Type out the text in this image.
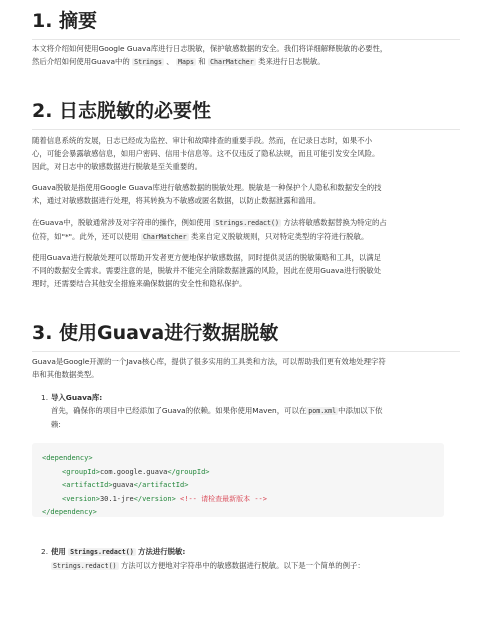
1. 摘要

本文将介绍如何使用Google Guava库进行日志脱敏，保护敏感数据的安全。我们将详细解释脱敏的必要性，
然后介绍如何使用Guava中的 Strings 、 Maps 和 CharMatcher 类来进行日志脱敏。

2. 日志脱敏的必要性

随着信息系统的发展，日志已经成为监控、审计和故障排查的重要手段。然而，在记录日志时，如果不小
心，可能会暴露敏感信息，如用户密码、信用卡信息等。这不仅违反了隐私法规，而且可能引发安全风险。
因此，对日志中的敏感数据进行脱敏是至关重要的。

Guava脱敏是指使用Google Guava库进行敏感数据的脱敏处理。脱敏是一种保护个人隐私和数据安全的技
术，通过对敏感数据进行处理，将其转换为不敏感或匿名数据，以防止数据泄露和滥用。

在Guava中，脱敏通常涉及对字符串的操作，例如使用 Strings.redact() 方法将敏感数据替换为特定的占
位符，如"*"。此外，还可以使用 CharMatcher 类来自定义脱敏规则，只对特定类型的字符进行脱敏。

使用Guava进行脱敏处理可以帮助开发者更方便地保护敏感数据，同时提供灵活的脱敏策略和工具，以满足
不同的数据安全需求。需要注意的是，脱敏并不能完全消除数据泄露的风险，因此在使用Guava进行脱敏处
理时，还需要结合其他安全措施来确保数据的安全性和隐私保护。

3. 使用Guava进行数据脱敏

Guava是Google开源的一个Java核心库，提供了很多实用的工具类和方法，可以帮助我们更有效地处理字符
串和其他数据类型。

1. 导入Guava库:
首先，确保你的项目中已经添加了Guava的依赖。如果你使用Maven，可以在 pom.xml 中添加以下依
赖:
<dependency>
<groupId>com.google.guava</groupId>
<artifactId>guava</artifactId>
<version>30.1-jre</version> <!-- 请检查最新版本 -->
</dependency>
2. 使用 Strings.redact() 方法进行脱敏:
Strings.redact() 方法可以方便地对字符串中的敏感数据进行脱敏。以下是一个简单的例子：
